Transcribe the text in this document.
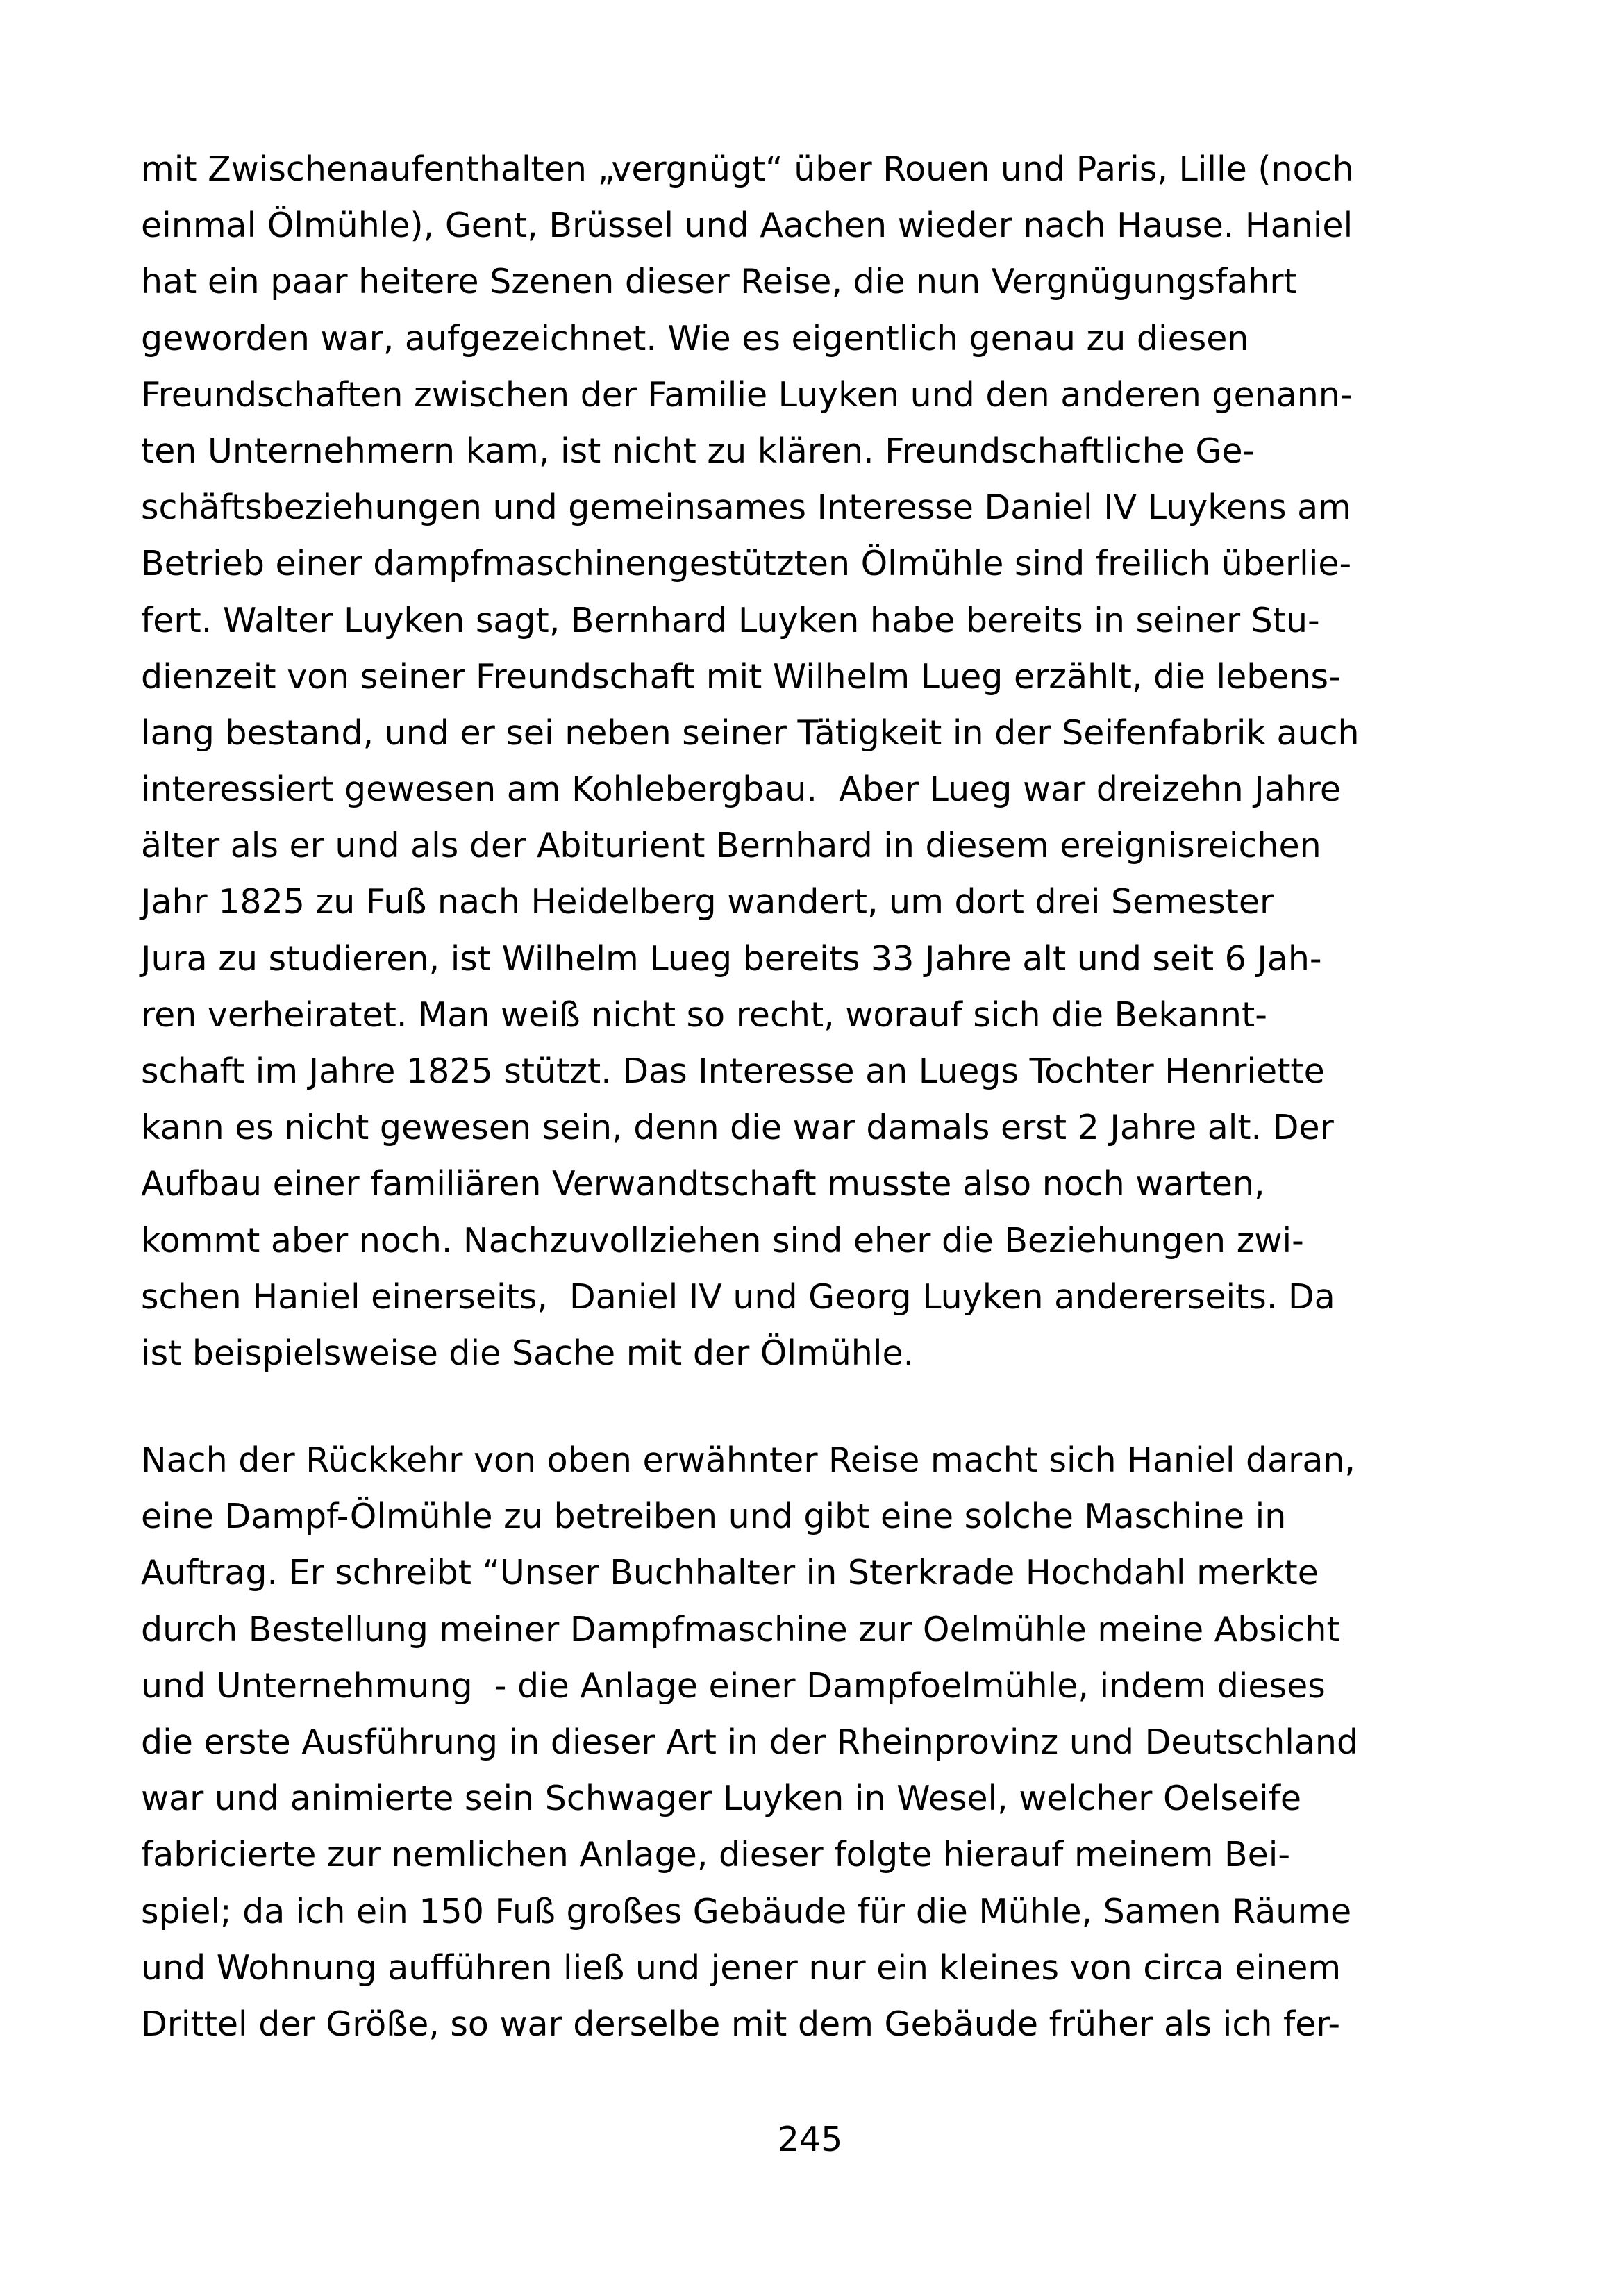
mit Zwischenaufenthalten „vergnügt“ über Rouen und Paris, Lille (noch
einmal Ölmühle), Gent, Brüssel und Aachen wieder nach Hause. Haniel
hat ein paar heitere Szenen dieser Reise, die nun Vergnügungsfahrt
geworden war, aufgezeichnet. Wie es eigentlich genau zu diesen
Freundschaften zwischen der Familie Luyken und den anderen genann-
ten Unternehmern kam, ist nicht zu klären. Freundschaftliche Ge-
schäftsbeziehungen und gemeinsames Interesse Daniel IV Luykens am
Betrieb einer dampfmaschinengestützten Ölmühle sind freilich überlie-
fert. Walter Luyken sagt, Bernhard Luyken habe bereits in seiner Stu-
dienzeit von seiner Freundschaft mit Wilhelm Lueg erzählt, die lebens-
lang bestand, und er sei neben seiner Tätigkeit in der Seifenfabrik auch
interessiert gewesen am Kohlebergbau.  Aber Lueg war dreizehn Jahre
älter als er und als der Abiturient Bernhard in diesem ereignisreichen
Jahr 1825 zu Fuß nach Heidelberg wandert, um dort drei Semester
Jura zu studieren, ist Wilhelm Lueg bereits 33 Jahre alt und seit 6 Jah-
ren verheiratet. Man weiß nicht so recht, worauf sich die Bekannt-
schaft im Jahre 1825 stützt. Das Interesse an Luegs Tochter Henriette
kann es nicht gewesen sein, denn die war damals erst 2 Jahre alt. Der
Aufbau einer familiären Verwandtschaft musste also noch warten,
kommt aber noch. Nachzuvollziehen sind eher die Beziehungen zwi-
schen Haniel einerseits,  Daniel IV und Georg Luyken andererseits. Da
ist beispielsweise die Sache mit der Ölmühle.
Nach der Rückkehr von oben erwähnter Reise macht sich Haniel daran,
eine Dampf-Ölmühle zu betreiben und gibt eine solche Maschine in
Auftrag. Er schreibt “Unser Buchhalter in Sterkrade Hochdahl merkte
durch Bestellung meiner Dampfmaschine zur Oelmühle meine Absicht
und Unternehmung  - die Anlage einer Dampfoelmühle, indem dieses
die erste Ausführung in dieser Art in der Rheinprovinz und Deutschland
war und animierte sein Schwager Luyken in Wesel, welcher Oelseife
fabricierte zur nemlichen Anlage, dieser folgte hierauf meinem Bei-
spiel; da ich ein 150 Fuß großes Gebäude für die Mühle, Samen Räume
und Wohnung aufführen ließ und jener nur ein kleines von circa einem
Drittel der Größe, so war derselbe mit dem Gebäude früher als ich fer-
245
